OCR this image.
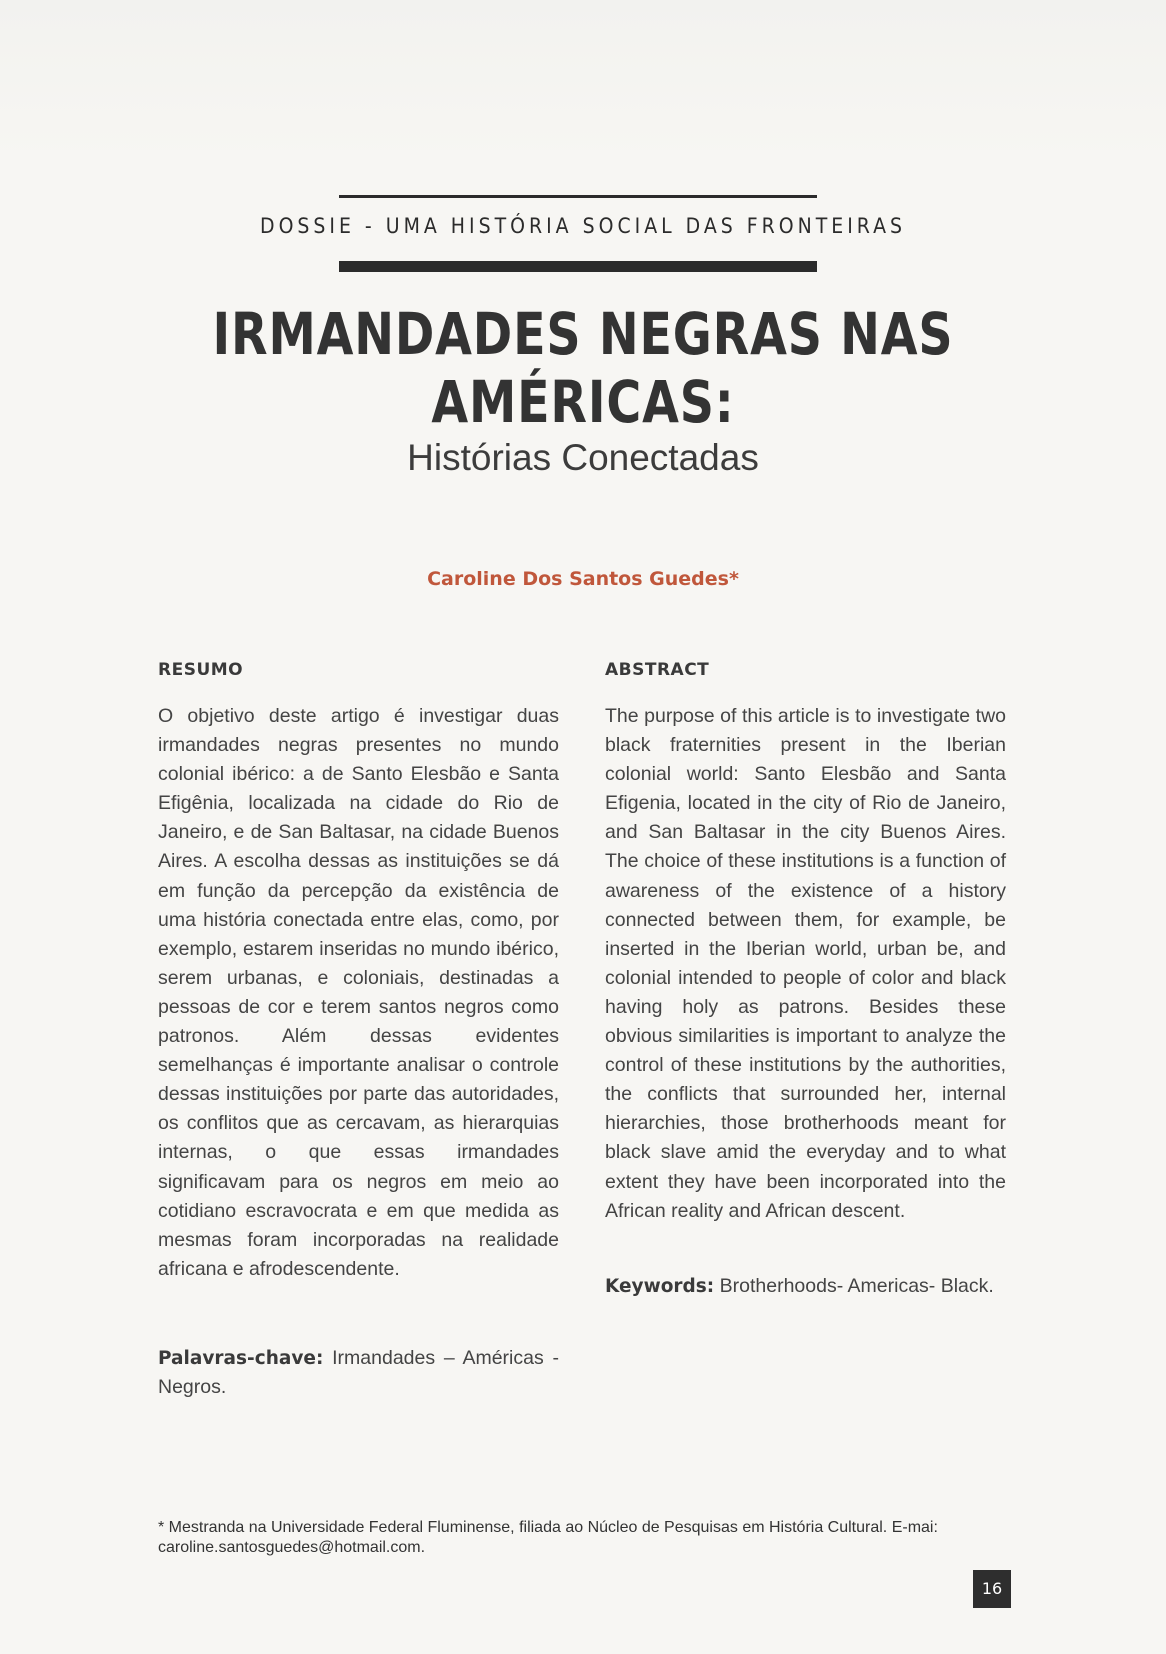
DOSSIE - UMA HISTÓRIA SOCIAL DAS FRONTEIRAS
IRMANDADES NEGRAS NAS AMÉRICAS:
Histórias Conectadas
Caroline Dos Santos Guedes*
RESUMO
O objetivo deste artigo é investigar duas irmandades negras presentes no mundo colonial ibérico: a de Santo Elesbão e Santa Efigênia, localizada na cidade do Rio de Janeiro, e de San Baltasar, na cidade Buenos Aires. A escolha dessas as instituições se dá em função da percepção da existência de uma história conectada entre elas, como, por exemplo, estarem inseridas no mundo ibérico, serem urbanas, e coloniais, destinadas a pessoas de cor e terem santos negros como patronos. Além dessas evidentes semelhanças é importante analisar o controle dessas instituições por parte das autoridades, os conflitos que as cercavam, as hierarquias internas, o que essas irmandades significavam para os negros em meio ao cotidiano escravocrata e em que medida as mesmas foram incorporadas na realidade africana e afrodescendente.
Palavras-chave: Irmandades – Américas - Negros.
ABSTRACT
The purpose of this article is to investigate two black fraternities present in the Iberian colonial world: Santo Elesbão and Santa Efigenia, located in the city of Rio de Janeiro, and San Baltasar in the city Buenos Aires. The choice of these institutions is a function of awareness of the existence of a history connected between them, for example, be inserted in the Iberian world, urban be, and colonial intended to people of color and black having holy as patrons. Besides these obvious similarities is important to analyze the control of these institutions by the authorities, the conflicts that surrounded her, internal hierarchies, those brotherhoods meant for black slave amid the everyday and to what extent they have been incorporated into the African reality and African descent.
Keywords: Brotherhoods- Americas- Black.
* Mestranda na Universidade Federal Fluminense, filiada ao Núcleo de Pesquisas em História Cultural. E-mai: caroline.santosguedes@hotmail.com.
16
